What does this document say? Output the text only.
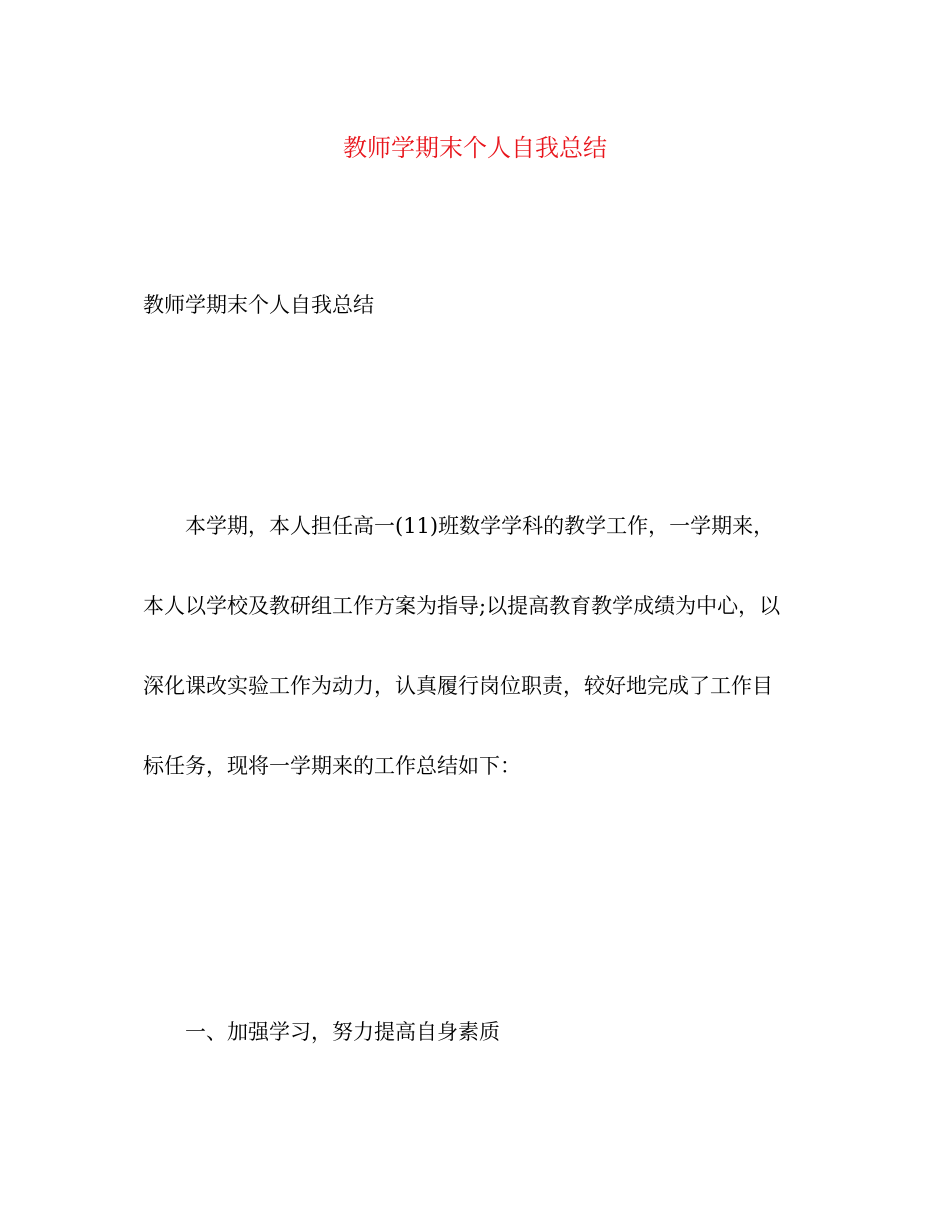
教师学期末个人自我总结

教师学期末个人自我总结

本学期，本人担任高一(11)班数学学科的教学工作，一学期来，
本人以学校及教研组工作方案为指导;以提高教育教学成绩为中心，以
深化课改实验工作为动力，认真履行岗位职责，较好地完成了工作目
标任务，现将一学期来的工作总结如下：
一、加强学习，努力提高自身素质
